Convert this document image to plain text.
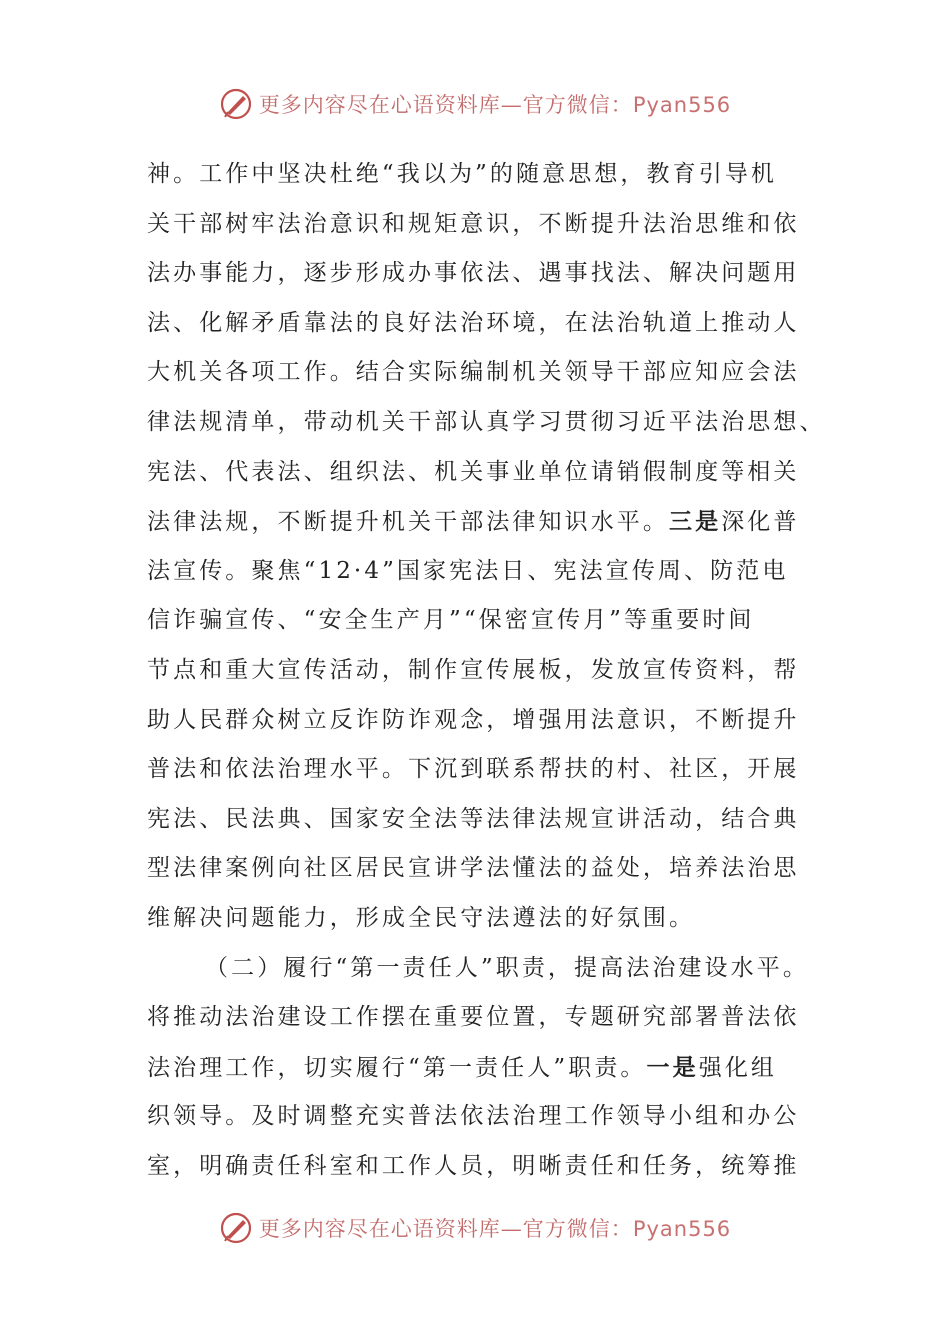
更多内容尽在心语资料库—官方微信：Pyan556
神。工作中坚决杜绝“我以为”的随意思想，教育引导机
关干部树牢法治意识和规矩意识，不断提升法治思维和依
法办事能力，逐步形成办事依法、遇事找法、解决问题用
法、化解矛盾靠法的良好法治环境，在法治轨道上推动人
大机关各项工作。结合实际编制机关领导干部应知应会法
律法规清单，带动机关干部认真学习贯彻习近平法治思想、
宪法、代表法、组织法、机关事业单位请销假制度等相关
法律法规，不断提升机关干部法律知识水平。三是深化普
法宣传。聚焦“12·4”国家宪法日、宪法宣传周、防范电
信诈骗宣传、“安全生产月”“保密宣传月”等重要时间
节点和重大宣传活动，制作宣传展板，发放宣传资料，帮
助人民群众树立反诈防诈观念，增强用法意识，不断提升
普法和依法治理水平。下沉到联系帮扶的村、社区，开展
宪法、民法典、国家安全法等法律法规宣讲活动，结合典
型法律案例向社区居民宣讲学法懂法的益处，培养法治思
维解决问题能力，形成全民守法遵法的好氛围。
（二）履行“第一责任人”职责，提高法治建设水平。
将推动法治建设工作摆在重要位置，专题研究部署普法依
法治理工作，切实履行“第一责任人”职责。一是强化组
织领导。及时调整充实普法依法治理工作领导小组和办公
室，明确责任科室和工作人员，明晰责任和任务，统筹推
更多内容尽在心语资料库—官方微信：Pyan556
